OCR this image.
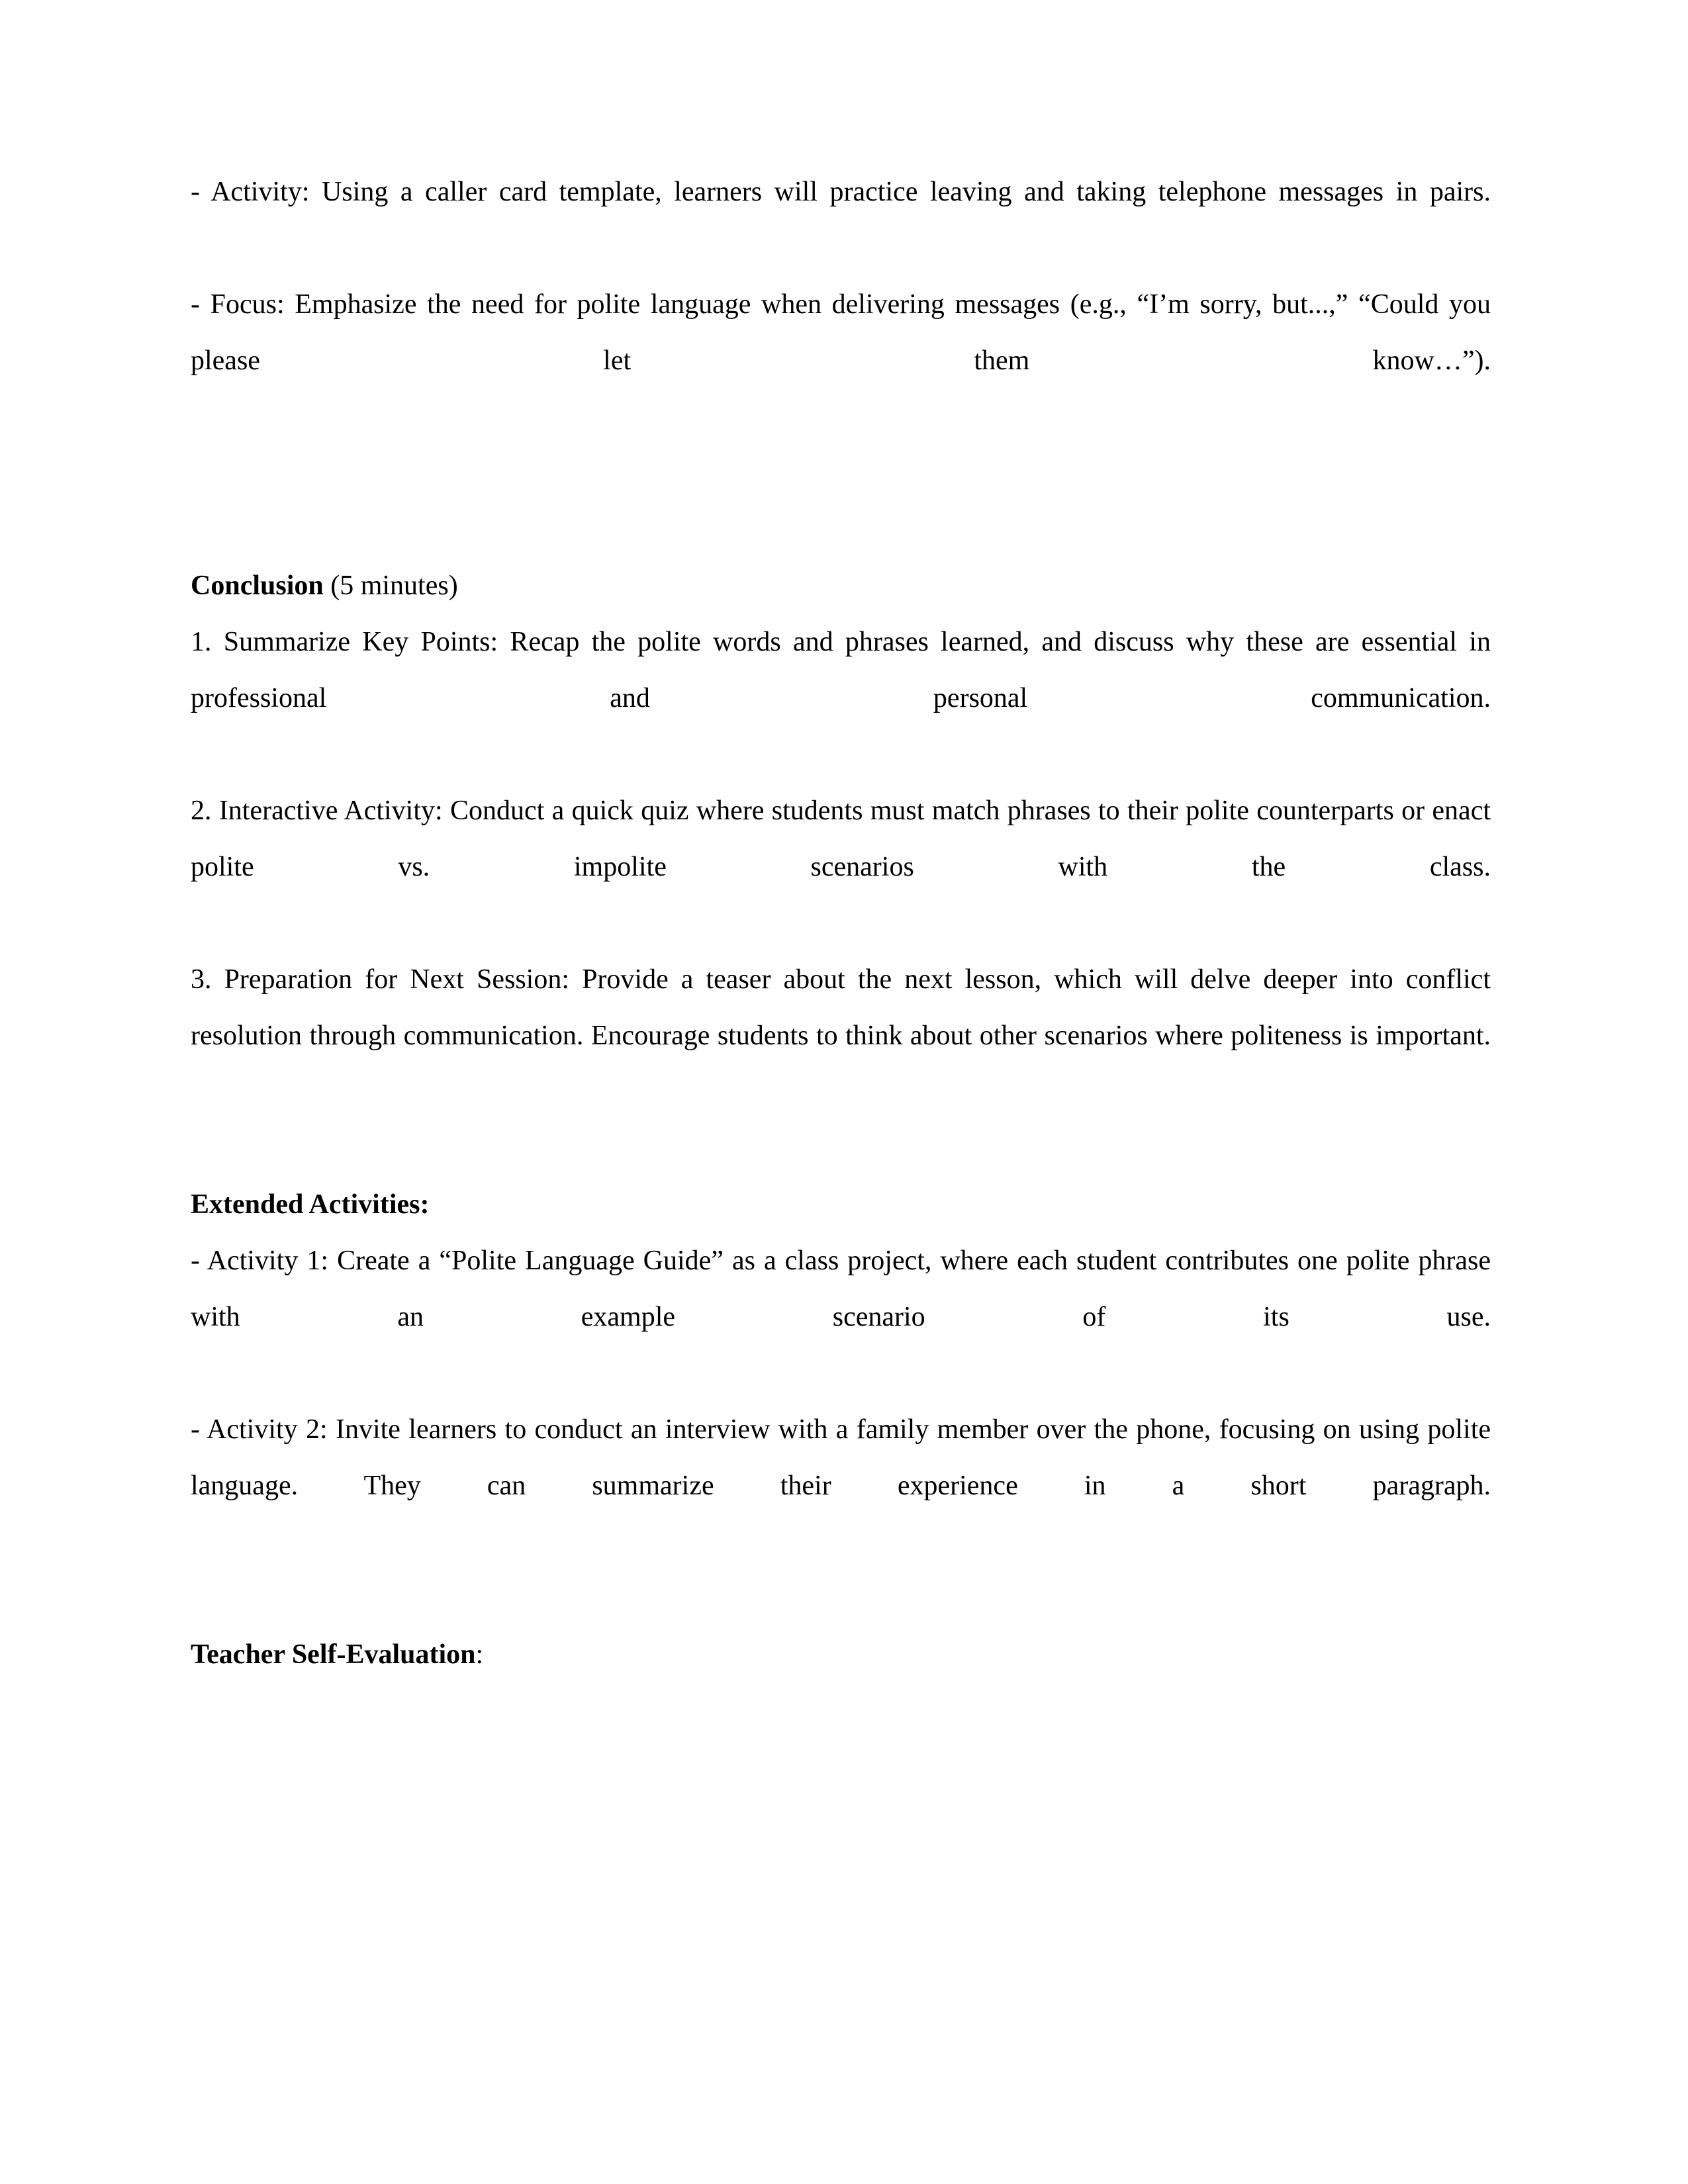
- Activity: Using a caller card template, learners will practice leaving and taking telephone messages in pairs.

- Focus: Emphasize the need for polite language when delivering messages (e.g., “I’m sorry, but...,” “Could you please let them know…”).

Conclusion (5 minutes)

1. Summarize Key Points: Recap the polite words and phrases learned, and discuss why these are essential in professional and personal communication.

2. Interactive Activity: Conduct a quick quiz where students must match phrases to their polite counterparts or enact polite vs. impolite scenarios with the class.

3. Preparation for Next Session: Provide a teaser about the next lesson, which will delve deeper into conflict resolution through communication. Encourage students to think about other scenarios where politeness is important.

Extended Activities:

- Activity 1: Create a “Polite Language Guide” as a class project, where each student contributes one polite phrase with an example scenario of its use.

- Activity 2: Invite learners to conduct an interview with a family member over the phone, focusing on using polite language. They can summarize their experience in a short paragraph.

Teacher Self-Evaluation:
